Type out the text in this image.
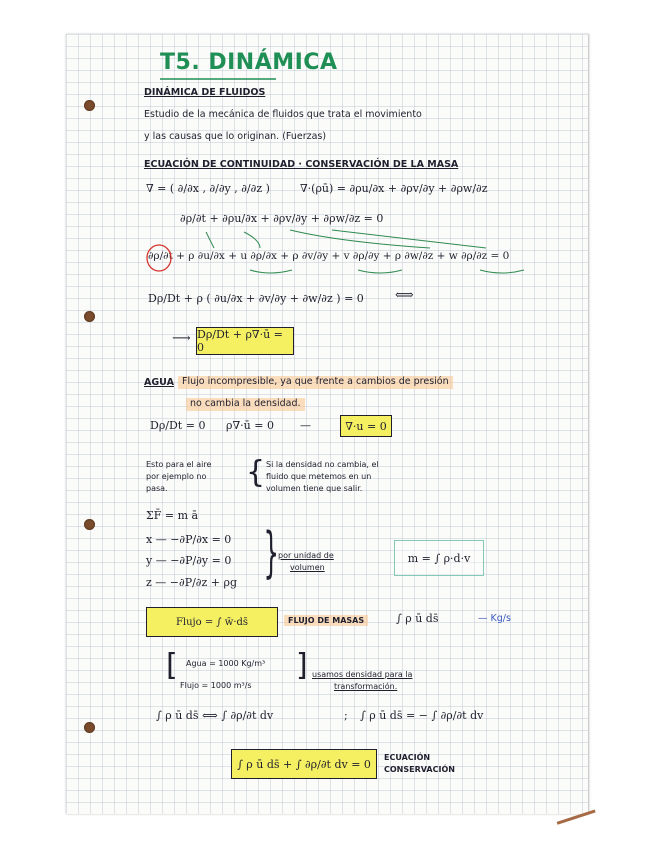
T5. DINÁMICA
DINÁMICA DE FLUIDOS
Estudio de la mecánica de fluidos que trata el movimiento
y las causas que lo originan. (Fuerzas)
ECUACIÓN DE CONTINUIDAD · CONSERVACIÓN DE LA MASA
∇ = ( ∂/∂x , ∂/∂y , ∂/∂z )	∇·(ρū) = ∂ρu/∂x + ∂ρv/∂y + ∂ρw/∂z
∂ρ/∂t + ∂ρu/∂x + ∂ρv/∂y + ∂ρw/∂z = 0
∂ρ/∂t + ρ ∂u/∂x + u ∂ρ/∂x + ρ ∂v/∂y + v ∂ρ/∂y + ρ ∂w/∂z + w ∂ρ/∂z = 0
Dρ/Dt + ρ ( ∂u/∂x + ∂v/∂y + ∂w/∂z ) = 0 ⟺
⟶ Dρ/Dt + ρ∇·ū = 0
AGUA Flujo incompresible, ya que frente a cambios de presión
no cambia la densidad.
Dρ/Dt = 0 ρ∇·ū = 0 —	∇·u = 0
Esto para el aire
por ejemplo no
pasa.	{ Si la densidad no cambia, el
fluido que metemos en un
volumen tiene que salir.
ΣF̄ = m ā
x — −∂P/∂x = 0
y — −∂P/∂y = 0
z — −∂P/∂z + ρg } por unidad de
volumen
m = ∫ ρ·d·v
Flujo = ∫ w̄·ds̄	FLUJO DE MASAS	∫ ρ ū ds̄	— Kg/s
[ Agua = 1000 Kg/m³
Flujo = 1000 m³/s
] usamos densidad para la
transformación.
∫ ρ ū ds̄ ⟺ ∫ ∂ρ/∂t dv	; ∫ ρ ū ds̄ = − ∫ ∂ρ/∂t dv
∫ ρ ū ds̄ + ∫ ∂ρ/∂t dv = 0	ECUACIÓN
CONSERVACIÓN
